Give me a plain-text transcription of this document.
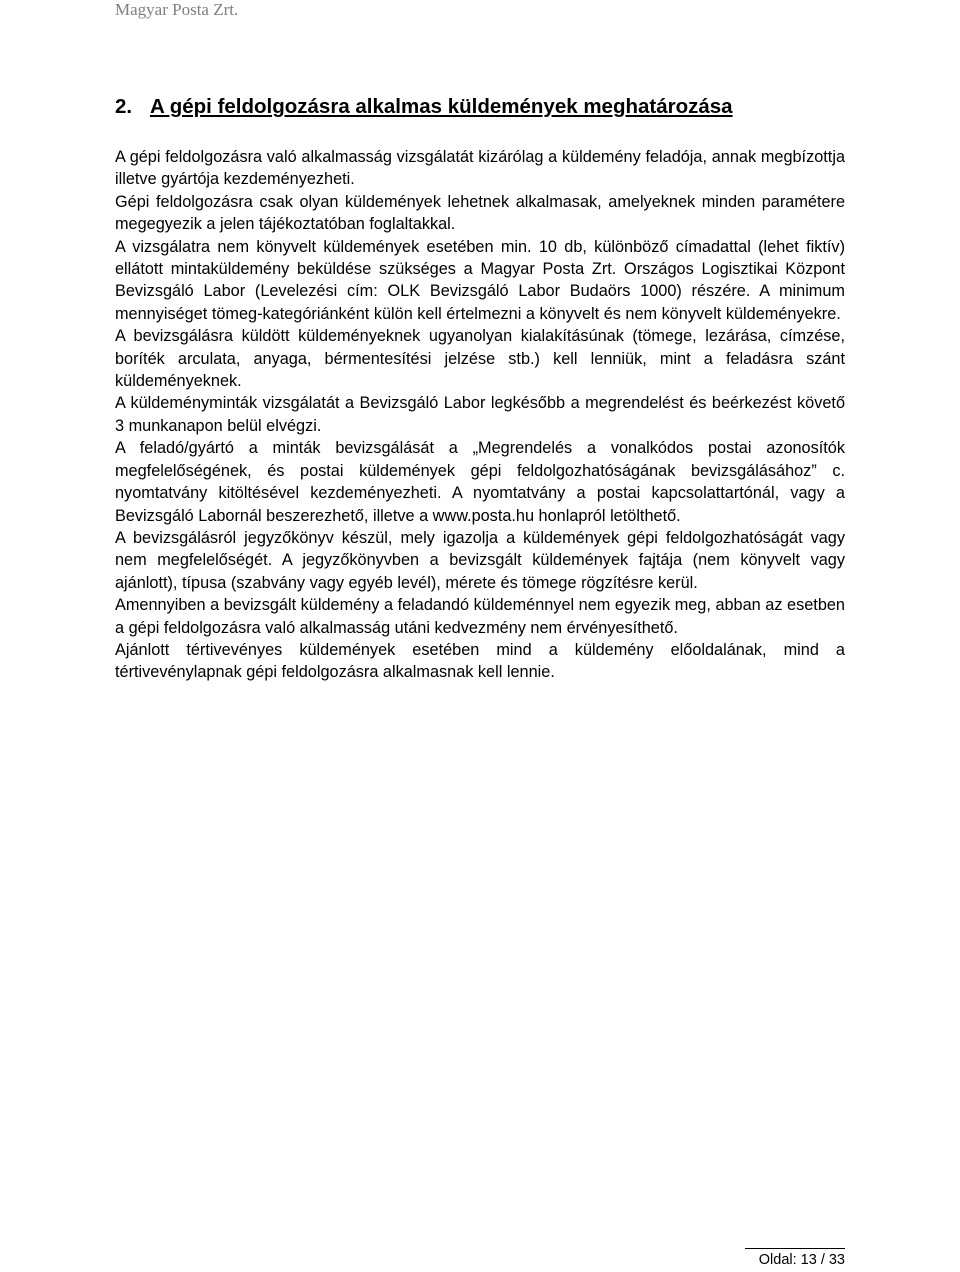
Magyar Posta Zrt.
2. A gépi feldolgozásra alkalmas küldemények meghatározása

A gépi feldolgozásra való alkalmasság vizsgálatát kizárólag a küldemény feladója, annak megbízottja illetve gyártója kezdeményezheti.

Gépi feldolgozásra csak olyan küldemények lehetnek alkalmasak, amelyeknek minden paramétere megegyezik a jelen tájékoztatóban foglaltakkal.

A vizsgálatra nem könyvelt küldemények esetében min. 10 db, különböző címadattal (lehet fiktív) ellátott mintaküldemény beküldése szükséges a Magyar Posta Zrt. Országos Logisztikai Központ Bevizsgáló Labor (Levelezési cím: OLK Bevizsgáló Labor Budaörs 1000) részére. A minimum mennyiséget tömeg-kategóriánként külön kell értelmezni a könyvelt és nem könyvelt küldeményekre.

A bevizsgálásra küldött küldeményeknek ugyanolyan kialakításúnak (tömege, lezárása, címzése, boríték arculata, anyaga, bérmentesítési jelzése stb.) kell lenniük, mint a feladásra szánt küldeményeknek.

A küldeményminták vizsgálatát a Bevizsgáló Labor legkésőbb a megrendelést és beérkezést követő 3 munkanapon belül elvégzi.

A feladó/gyártó a minták bevizsgálását a „Megrendelés a vonalkódos postai azonosítók megfelelőségének, és postai küldemények gépi feldolgozhatóságának bevizsgálásához” c. nyomtatvány kitöltésével kezdeményezheti. A nyomtatvány a postai kapcsolattartónál, vagy a Bevizsgáló Labornál beszerezhető, illetve a www.posta.hu honlapról letölthető.

A bevizsgálásról jegyzőkönyv készül, mely igazolja a küldemények gépi feldolgozhatóságát vagy nem megfelelőségét. A jegyzőkönyvben a bevizsgált küldemények fajtája (nem könyvelt vagy ajánlott), típusa (szabvány vagy egyéb levél), mérete és tömege rögzítésre kerül.

Amennyiben a bevizsgált küldemény a feladandó küldeménnyel nem egyezik meg, abban az esetben a gépi feldolgozásra való alkalmasság utáni kedvezmény nem érvényesíthető.

Ajánlott tértivevényes küldemények esetében mind a küldemény előoldalának, mind a tértivevénylapnak gépi feldolgozásra alkalmasnak kell lennie.

Oldal: 13 / 33
